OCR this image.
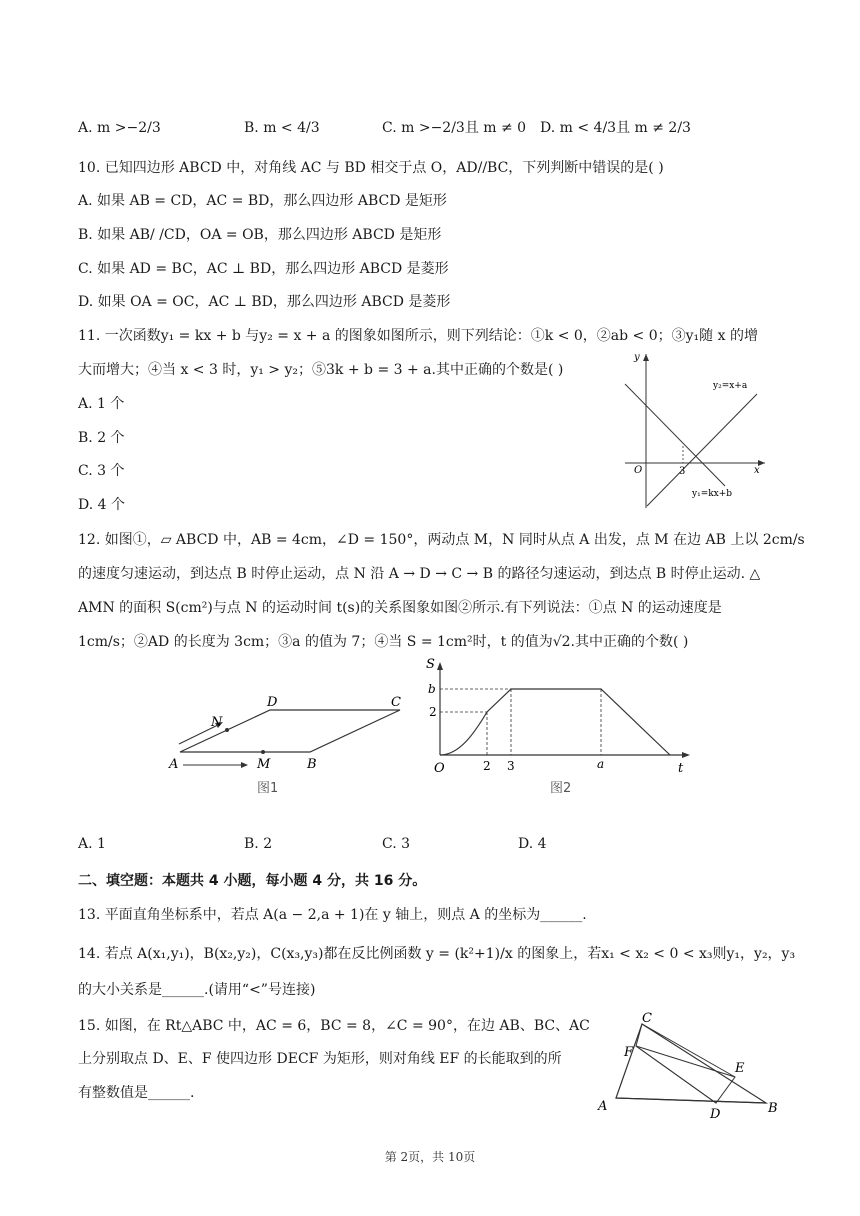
A. m >−2/3	B. m < 4/3	C. m >−2/3且 m ≠ 0 D. m < 4/3且 m ≠ 2/3
10. 已知四边形 ABCD 中，对角线 AC 与 BD 相交于点 O，AD//BC，下列判断中错误的是( )
A. 如果 AB = CD，AC = BD，那么四边形 ABCD 是矩形
B. 如果 AB/ /CD，OA = OB，那么四边形 ABCD 是矩形
C. 如果 AD = BC，AC ⊥ BD，那么四边形 ABCD 是菱形
D. 如果 OA = OC，AC ⊥ BD，那么四边形 ABCD 是菱形
11. 一次函数y₁ = kx + b 与y₂ = x + a 的图象如图所示，则下列结论：①k < 0，②ab < 0；③y₁随 x 的增
大而增大；④当 x < 3 时，y₁ > y₂；⑤3k + b = 3 + a.其中正确的个数是( )
A. 1 个
B. 2 个
C. 3 个
D. 4 个
y
x
O	3
y₂=x+a
y₁=kx+b
12. 如图①，▱ ABCD 中，AB = 4cm，∠D = 150°，两动点 M，N 同时从点 A 出发，点 M 在边 AB 上以 2cm/s
的速度匀速运动，到达点 B 时停止运动，点 N 沿 A → D → C → B 的路径匀速运动，到达点 B 时停止运动. △
AMN 的面积 S(cm²)与点 N 的运动时间 t(s)的关系图象如图②所示.有下列说法：①点 N 的运动速度是
1cm/s；②AD 的长度为 3cm；③a 的值为 7；④当 S = 1cm²时，t 的值为√2.其中正确的个数( )
A	B
C
D
M
N
图1
S
t
O
b
2
2 3	a
图2
A. 1	B. 2	C. 3	D. 4
二、填空题：本题共 4 小题，每小题 4 分，共 16 分。
13. 平面直角坐标系中，若点 A(a − 2,a + 1)在 y 轴上，则点 A 的坐标为______.
14. 若点 A(x₁,y₁)，B(x₂,y₂)，C(x₃,y₃)都在反比例函数 y = (k²+1)/x 的图象上，若x₁ < x₂ < 0 < x₃则y₁，y₂，y₃
的大小关系是______.(请用“<”号连接)
15. 如图，在 Rt△ABC 中，AC = 6，BC = 8，∠C = 90°，在边 AB、BC、AC
上分别取点 D、E、F 使四边形 DECF 为矩形，则对角线 EF 的长能取到的所
有整数值是______.
A	B
C
D
E
F
第 2页，共 10页
